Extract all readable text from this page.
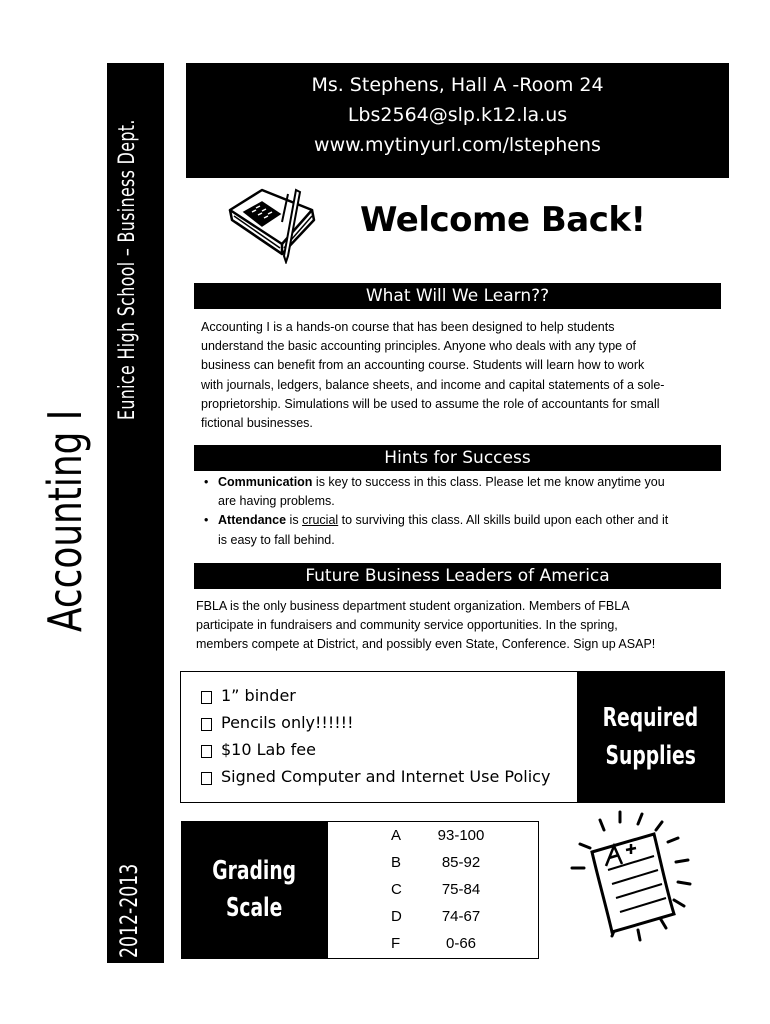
Eunice High School – Business Dept.
2012-2013
Accounting I
Ms. Stephens, Hall A -Room 24
Lbs2564@slp.k12.la.us
www.mytinyurl.com/lstephens
Welcome Back!
What Will We Learn??
Accounting I is a hands-on course that has been designed to help students
understand the basic accounting principles. Anyone who deals with any type of
business can benefit from an accounting course. Students will learn how to work
with journals, ledgers, balance sheets, and income and capital statements of a sole-
proprietorship. Simulations will be used to assume the role of accountants for small
fictional businesses.
Hints for Success
• Communication is key to success in this class. Please let me know anytime you
are having problems.
• Attendance is crucial to surviving this class. All skills build upon each other and it
is easy to fall behind.
Future Business Leaders of America
FBLA is the only business department student organization. Members of FBLA
participate in fundraisers and community service opportunities. In the spring,
members compete at District, and possibly even State, Conference. Sign up ASAP!
1” binder
Pencils only!!!!!!
$10 Lab fee
Signed Computer and Internet Use Policy
Required
Supplies
Grading
Scale
A	93-100
B	85-92
C	75-84
D	74-67
F	0-66
